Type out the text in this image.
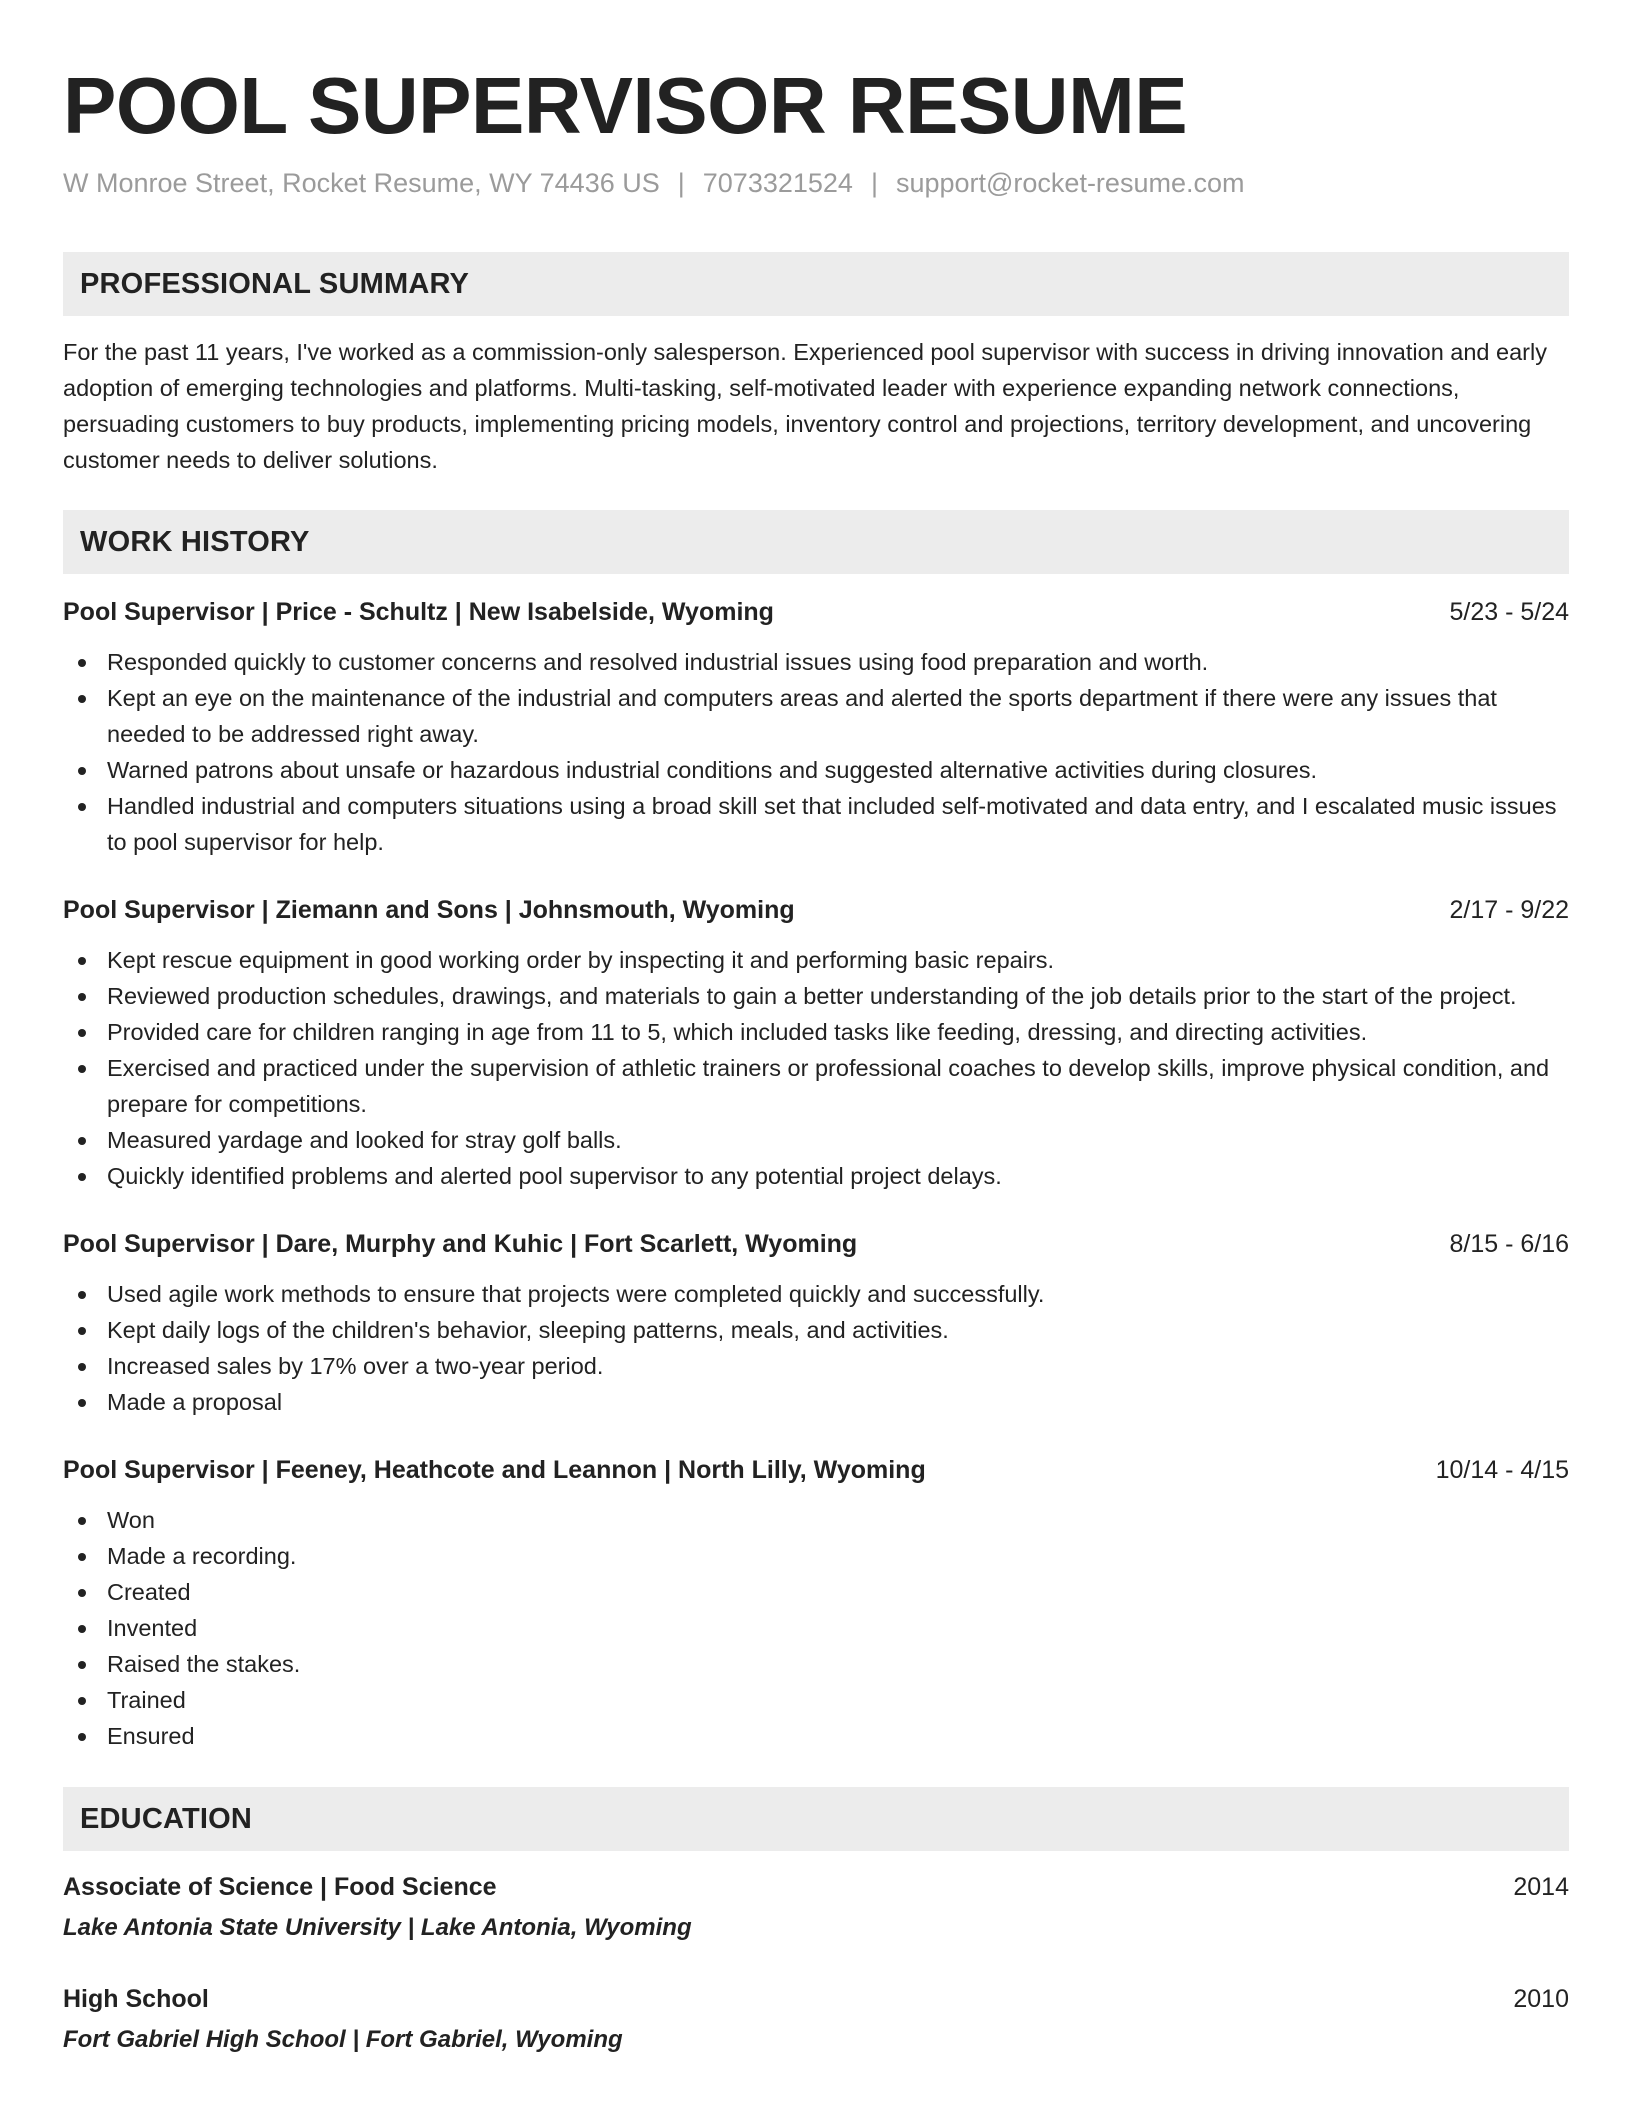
POOL SUPERVISOR RESUME
W Monroe Street, Rocket Resume, WY 74436 US | 7073321524 | support@rocket-resume.com
PROFESSIONAL SUMMARY

For the past 11 years, I've worked as a commission-only salesperson. Experienced pool supervisor with success in driving innovation and early adoption of emerging technologies and platforms. Multi-tasking, self-motivated leader with experience expanding network connections, persuading customers to buy products, implementing pricing models, inventory control and projections, territory development, and uncovering customer needs to deliver solutions.

WORK HISTORY
Pool Supervisor | Price - Schultz | New Isabelside, Wyoming	5/23 - 5/24
Responded quickly to customer concerns and resolved industrial issues using food preparation and worth.
Kept an eye on the maintenance of the industrial and computers areas and alerted the sports department if there were any issues that needed to be addressed right away.
Warned patrons about unsafe or hazardous industrial conditions and suggested alternative activities during closures.
Handled industrial and computers situations using a broad skill set that included self-motivated and data entry, and I escalated music issues to pool supervisor for help.
Pool Supervisor | Ziemann and Sons | Johnsmouth, Wyoming	2/17 - 9/22
Kept rescue equipment in good working order by inspecting it and performing basic repairs.
Reviewed production schedules, drawings, and materials to gain a better understanding of the job details prior to the start of the project.
Provided care for children ranging in age from 11 to 5, which included tasks like feeding, dressing, and directing activities.
Exercised and practiced under the supervision of athletic trainers or professional coaches to develop skills, improve physical condition, and prepare for competitions.
Measured yardage and looked for stray golf balls.
Quickly identified problems and alerted pool supervisor to any potential project delays.
Pool Supervisor | Dare, Murphy and Kuhic | Fort Scarlett, Wyoming	8/15 - 6/16
Used agile work methods to ensure that projects were completed quickly and successfully.
Kept daily logs of the children's behavior, sleeping patterns, meals, and activities.
Increased sales by 17% over a two-year period.
Made a proposal
Pool Supervisor | Feeney, Heathcote and Leannon | North Lilly, Wyoming	10/14 - 4/15
Won
Made a recording.
Created
Invented
Raised the stakes.
Trained
Ensured
EDUCATION
Associate of Science | Food Science	2014
Lake Antonia State University | Lake Antonia, Wyoming
High School	2010
Fort Gabriel High School | Fort Gabriel, Wyoming
